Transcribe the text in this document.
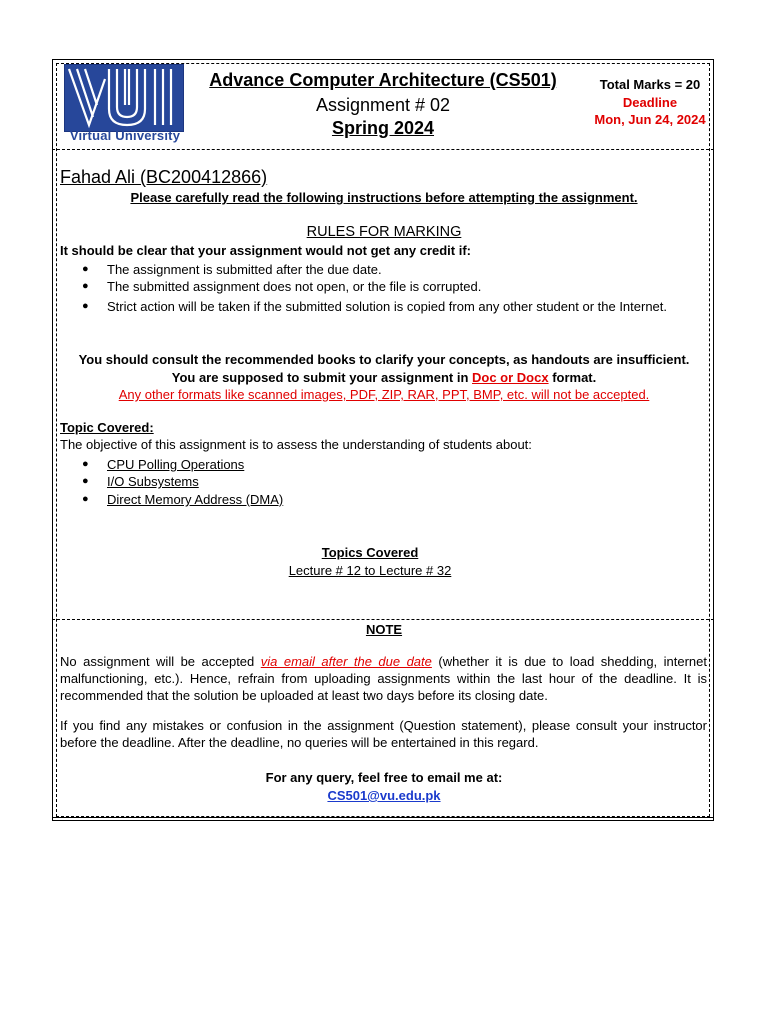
Virtual University
Advance Computer Architecture (CS501)
Assignment # 02
Spring 2024
Total Marks = 20
Deadline
Mon, Jun 24, 2024
Fahad Ali (BC200412866)
Please carefully read the following instructions before attempting the assignment.
RULES FOR MARKING
It should be clear that your assignment would not get any credit if:
● The assignment is submitted after the due date.
● The submitted assignment does not open, or the file is corrupted.
● Strict action will be taken if the submitted solution is copied from any other student or the Internet.
You should consult the recommended books to clarify your concepts, as handouts are insufficient.
You are supposed to submit your assignment in Doc or Docx format.
Any other formats like scanned images, PDF, ZIP, RAR, PPT, BMP, etc. will not be accepted.
Topic Covered:
The objective of this assignment is to assess the understanding of students about:
● CPU Polling Operations
● I/O Subsystems
● Direct Memory Address (DMA)
Topics Covered
Lecture # 12 to Lecture # 32
NOTE
No assignment will be accepted via email after the due date (whether it is due to load shedding, internet malfunctioning, etc.). Hence, refrain from uploading assignments within the last hour of the deadline. It is recommended that the solution be uploaded at least two days before its closing date.
If you find any mistakes or confusion in the assignment (Question statement), please consult your instructor before the deadline. After the deadline, no queries will be entertained in this regard.
For any query, feel free to email me at:
CS501@vu.edu.pk
